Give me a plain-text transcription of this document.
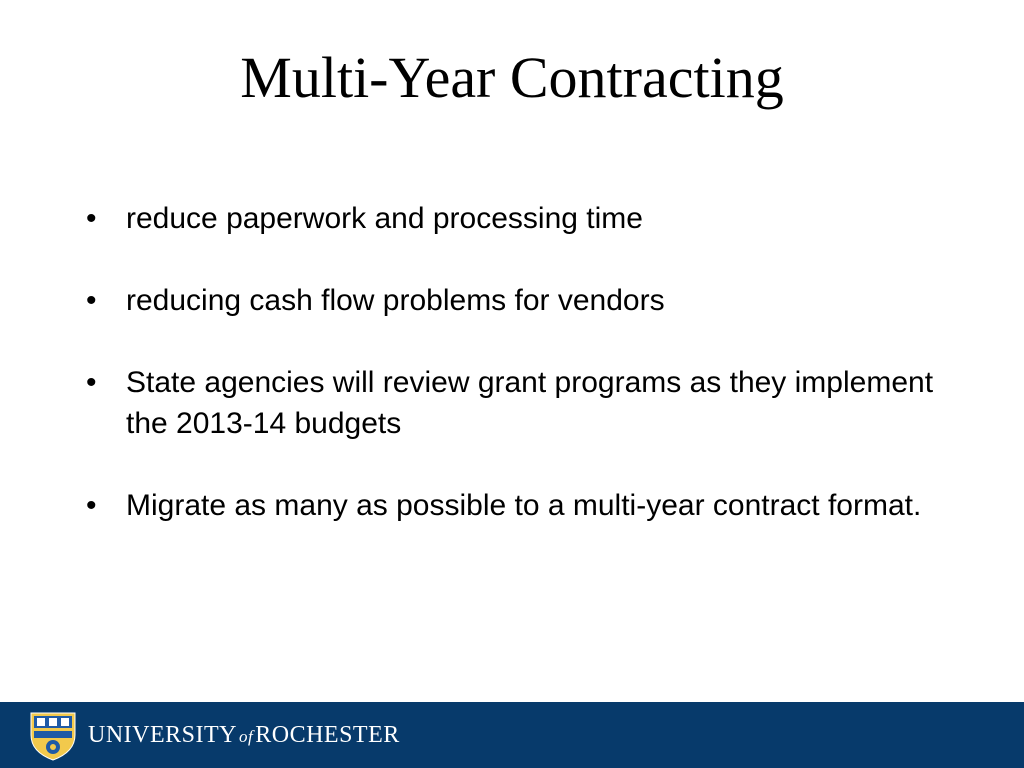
Multi-Year Contracting
• reduce paperwork and processing time
• reducing cash flow problems for vendors
• State agencies will review grant programs as they implement the 2013-14 budgets
• Migrate as many as possible to a multi-year contract format.
UNIVERSITY ofROCHESTER
